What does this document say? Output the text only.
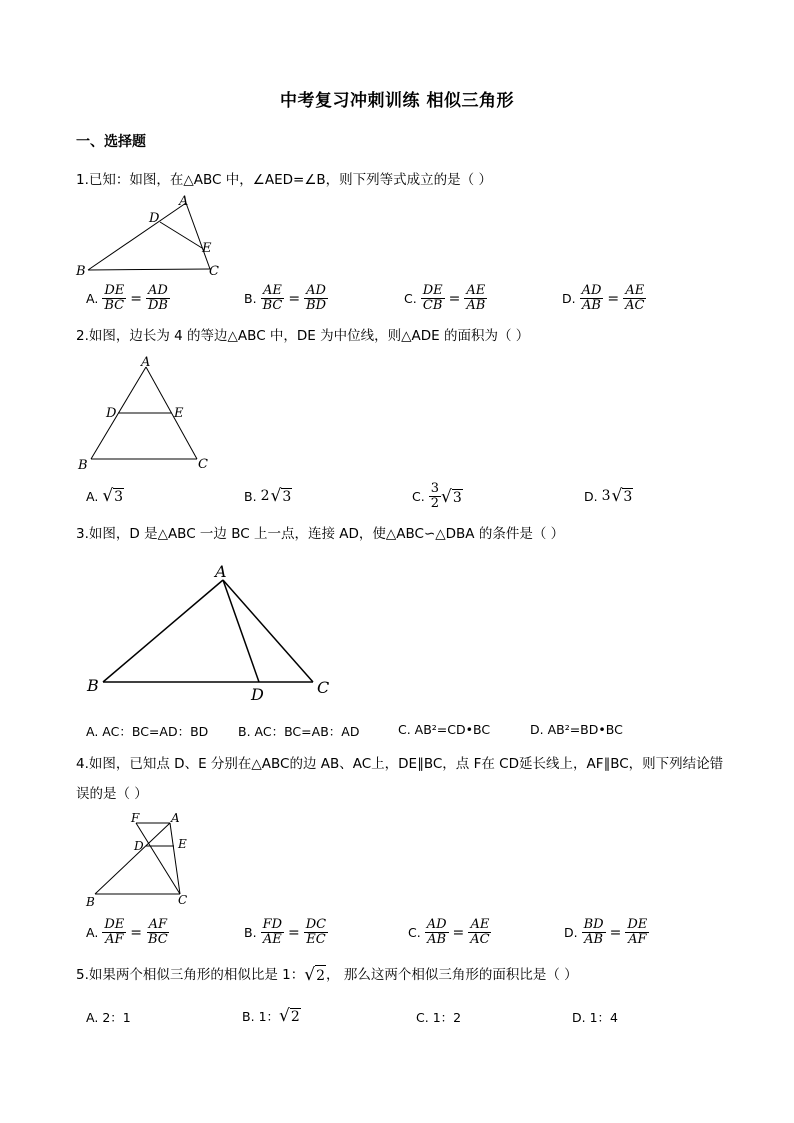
中考复习冲刺训练 相似三角形
一、选择题
1.已知：如图，在△ABC 中，∠AED=∠B，则下列等式成立的是（ ）
A
D
E
B	C
A. $\frac{DE}{BC} = \frac{AD}{DB}$	B. $\frac{AE}{BC} = \frac{AD}{BD}$	C. $\frac{DE}{CB} = \frac{AE}{AB}$	D. $\frac{AD}{AB} = \frac{AE}{AC}$
2.如图，边长为 4 的等边△ABC 中，DE 为中位线，则△ADE 的面积为（ ）
A
D	E
B	C
A. √ 3	B. 2 √ 3	C. $\frac{3}{2}$ √ 3	D. 3 √ 3
3.如图，D 是△ABC 一边 BC 上一点，连接 AD，使△ABC∽△DBA 的条件是（ ）
A
B	D	C
A. AC：BC=AD：BD B. AC：BC=AB：AD	C. AB²=CD•BC	D. AB²=BD•BC
4.如图，已知点 D、E 分别在△ABC的边 AB、AC上，DE∥BC，点 F在 CD延长线上，AF∥BC，则下列结论错
误的是（ ）
F	A
D	E
B	C
A. $\frac{DE}{AF} = \frac{AF}{BC}$	B. $\frac{FD}{AE} = \frac{DC}{EC}$	C. $\frac{AD}{AB} = \frac{AE}{AC}$	D. $\frac{BD}{AB} = \frac{DE}{AF}$
5.如果两个相似三角形的相似比是 1： √ 2 ， 那么这两个相似三角形的面积比是（ ）
A. 2：1	B. 1： √ 2	C. 1：2	D. 1：4
